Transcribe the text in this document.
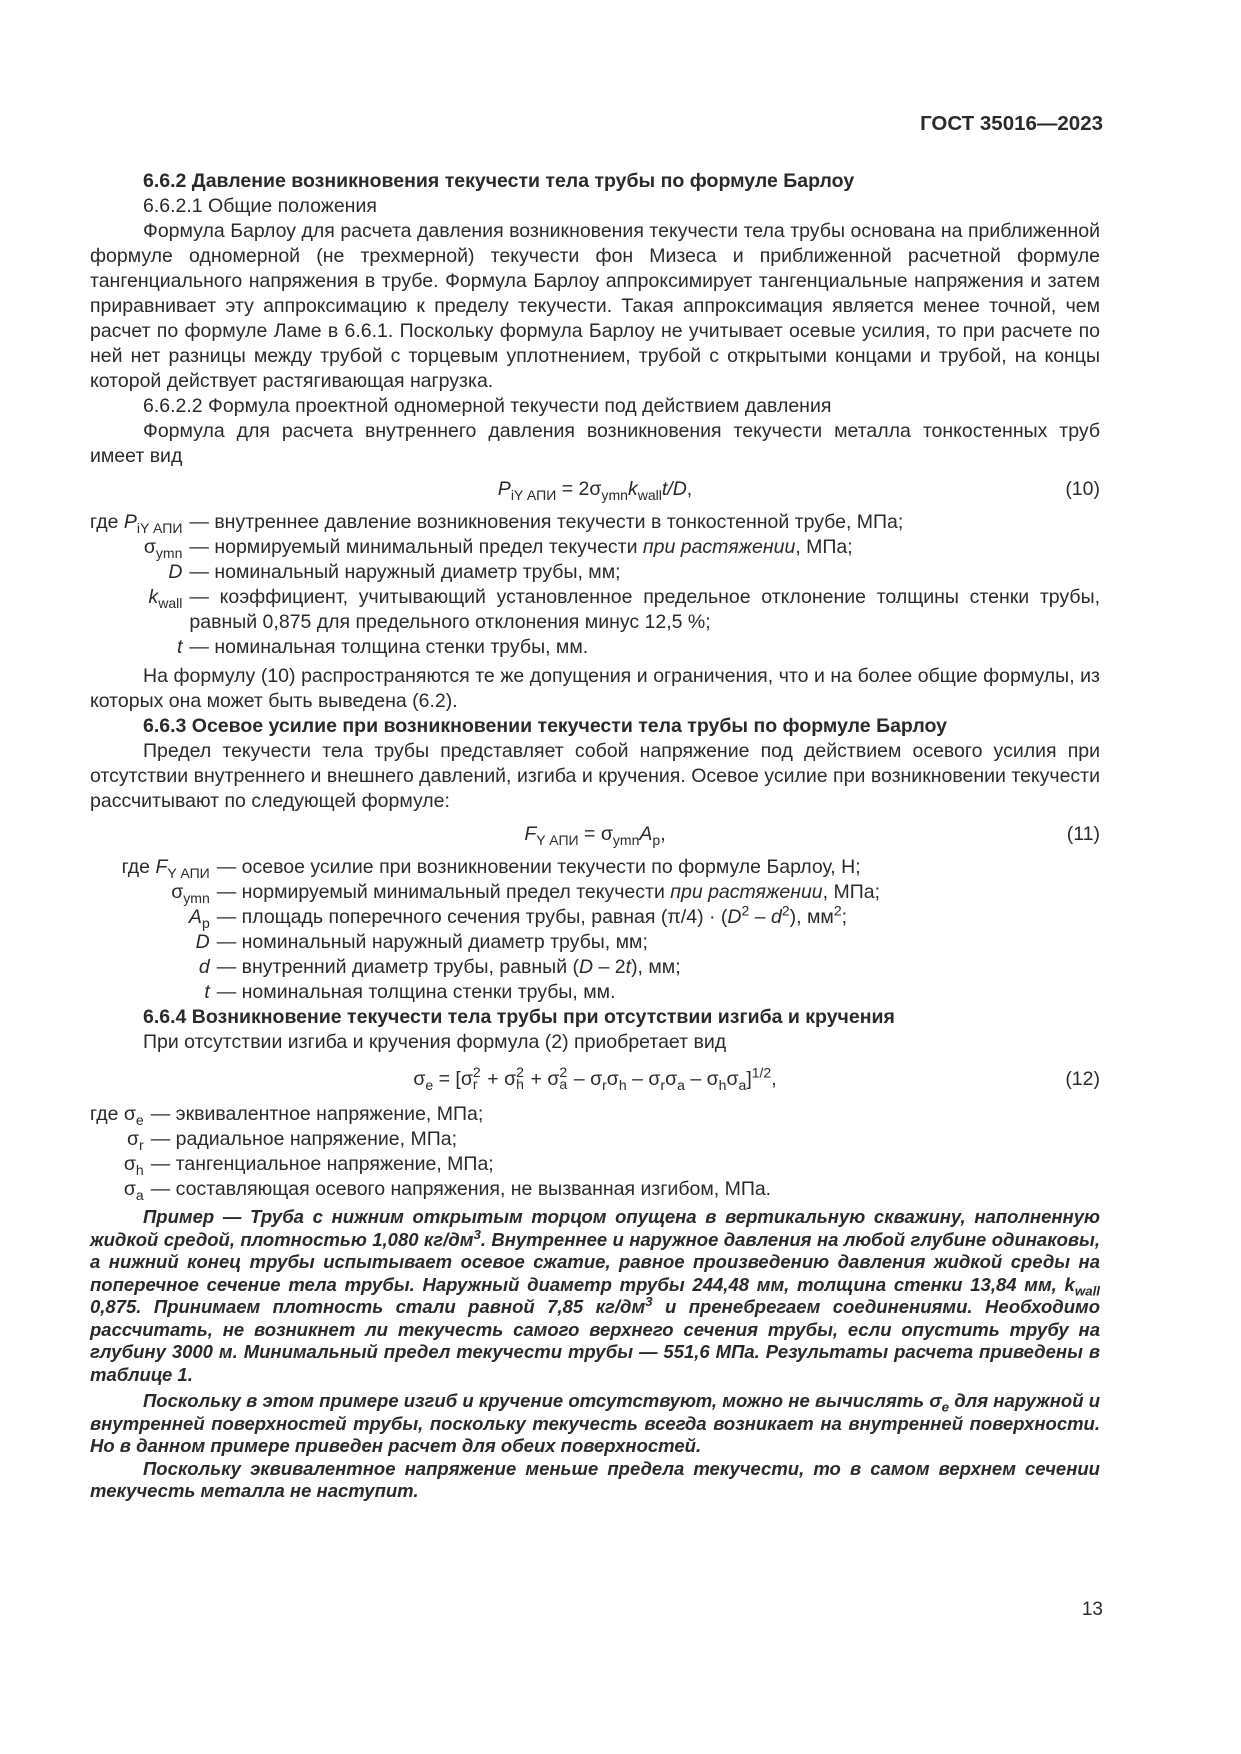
ГОСТ 35016—2023

6.6.2 Давление возникновения текучести тела трубы по формуле Барлоу

6.6.2.1 Общие положения

Формула Барлоу для расчета давления возникновения текучести тела трубы основана на приближенной формуле одномерной (не трехмерной) текучести фон Мизеса и приближенной расчетной формуле тангенциального напряжения в трубе. Формула Барлоу аппроксимирует тангенциальные напряжения и затем приравнивает эту аппроксимацию к пределу текучести. Такая аппроксимация является менее точной, чем расчет по формуле Ламе в 6.6.1. Поскольку формула Барлоу не учитывает осевые усилия, то при расчете по ней нет разницы между трубой с торцевым уплотнением, трубой с открытыми концами и трубой, на концы которой действует растягивающая нагрузка.

6.6.2.2 Формула проектной одномерной текучести под действием давления

Формула для расчета внутреннего давления возникновения текучести металла тонкостенных труб имеет вид

$P_{iY АПИ} = 2\sigma_{ymn}k_{wall}t/D$,	(10)
где $P_{iY АПИ}$	— внутреннее давление возникновения текучести в тонкостенной трубе, МПа;
$\sigma_{ymn}$	— нормируемый минимальный предел текучести при растяжении, МПа;
D	— номинальный наружный диаметр трубы, мм;
$k_{wall}$	— коэффициент, учитывающий установленное предельное отклонение толщины стенки трубы, равный 0,875 для предельного отклонения минус 12,5 %;
t	— номинальная толщина стенки трубы, мм.

На формулу (10) распространяются те же допущения и ограничения, что и на более общие формулы, из которых она может быть выведена (6.2).

6.6.3 Осевое усилие при возникновении текучести тела трубы по формуле Барлоу

Предел текучести тела трубы представляет собой напряжение под действием осевого усилия при отсутствии внутреннего и внешнего давлений, изгиба и кручения. Осевое усилие при возникновении текучести рассчитывают по следующей формуле:

$F_{Y АПИ} = \sigma_{ymn}A_p$,	(11)
где $F_{Y АПИ}$	— осевое усилие при возникновении текучести по формуле Барлоу, Н;
$\sigma_{ymn}$	— нормируемый минимальный предел текучести при растяжении, МПа;
$A_p$	— площадь поперечного сечения трубы, равная $(\pi/4) \cdot (D^2 - d^2)$, $мм^2$;
D	— номинальный наружный диаметр трубы, мм;
d	— внутренний диаметр трубы, равный (D – 2t), мм;
t	— номинальная толщина стенки трубы, мм.

6.6.4 Возникновение текучести тела трубы при отсутствии изгиба и кручения

При отсутствии изгиба и кручения формула (2) приобретает вид

$\sigma_e = [\sigma$ 2
r + σ 2
h + σ 2
a – $\sigma_r\sigma_h - \sigma_r\sigma_a - \sigma_h\sigma_a]^{1/2}$,	(12)
где $\sigma_e$	— эквивалентное напряжение, МПа;
$\sigma_r$	— радиальное напряжение, МПа;
$\sigma_h$	— тангенциальное напряжение, МПа;
$\sigma_a$	— составляющая осевого напряжения, не вызванная изгибом, МПа.

Пример — Труба с нижним открытым торцом опущена в вертикальную скважину, наполненную жидкой средой, плотностью 1,080 $кг/дм^3$. Внутреннее и наружное давления на любой глубине одинаковы, а нижний конец трубы испытывает осевое сжатие, равное произведению давления жидкой среды на поперечное сечение тела трубы. Наружный диаметр трубы 244,48 мм, толщина стенки 13,84 мм, $k_{wall}$ 0,875. Принимаем плотность стали равной 7,85 $кг/дм^3$ и пренебрегаем соединениями. Необходимо рассчитать, не возникнет ли текучесть самого верхнего сечения трубы, если опустить трубу на глубину 3000 м. Минимальный предел текучести трубы — 551,6 МПа. Результаты расчета приведены в таблице 1.

Поскольку в этом примере изгиб и кручение отсутствуют, можно не вычислять $\sigma_e$ для наружной и внутренней поверхностей трубы, поскольку текучесть всегда возникает на внутренней поверхности. Но в данном примере приведен расчет для обеих поверхностей.

Поскольку эквивалентное напряжение меньше предела текучести, то в самом верхнем сечении текучесть металла не наступит.

13
